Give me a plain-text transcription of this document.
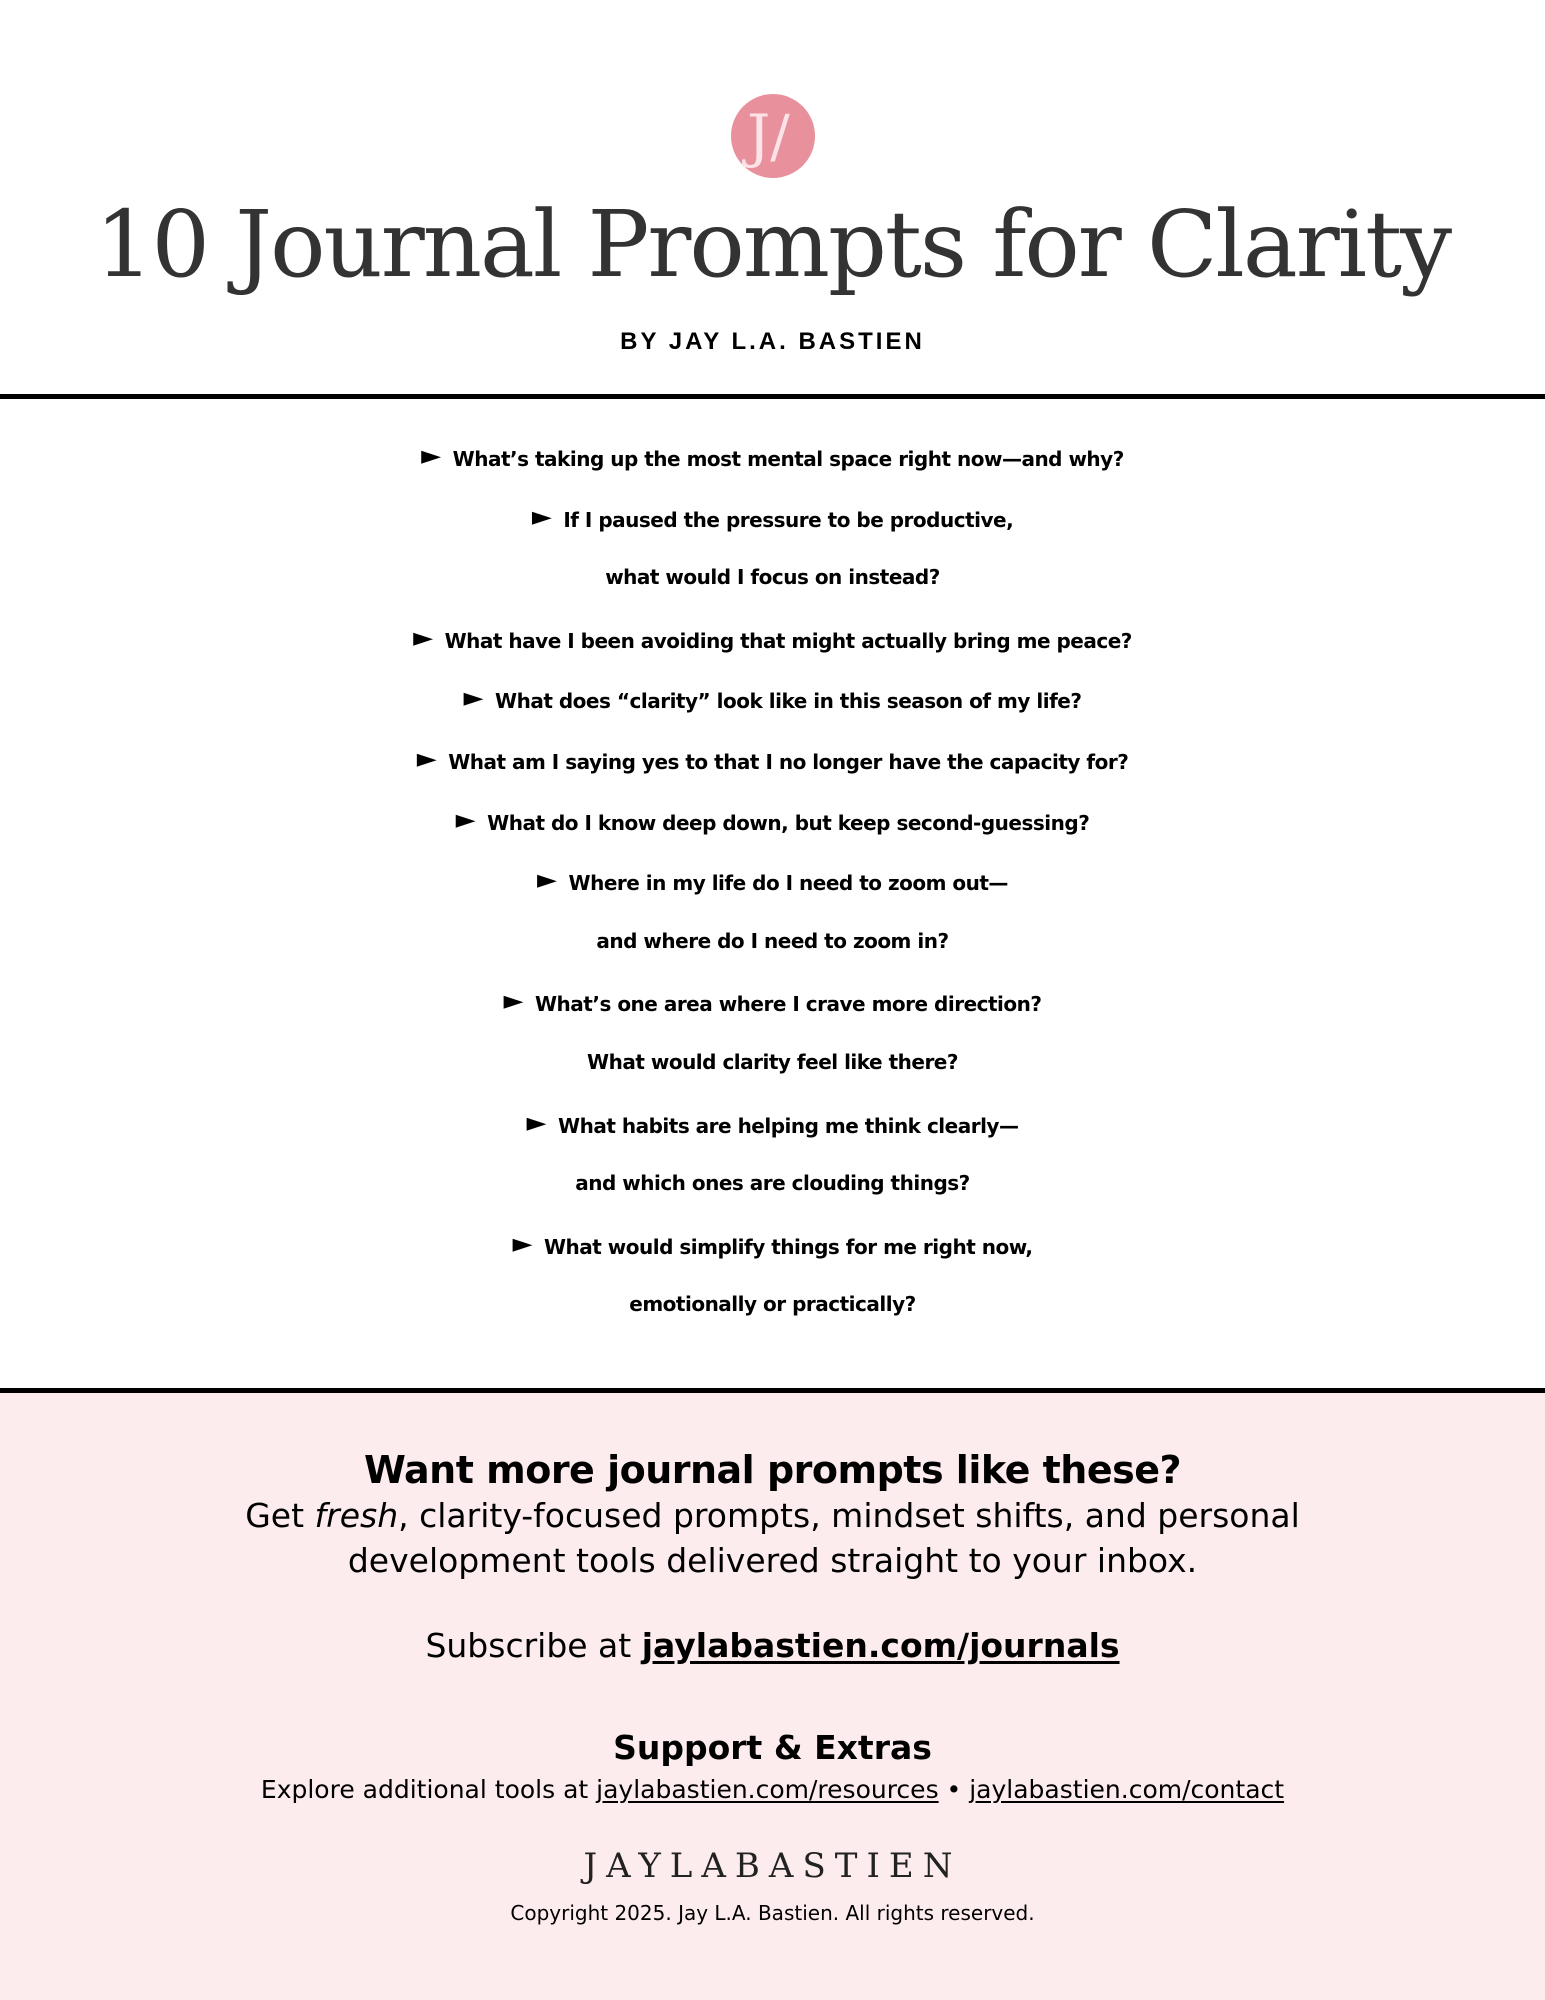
J/
10 Journal Prompts for Clarity
BY JAY L.A. BASTIEN
► What’s taking up the most mental space right now—and why?
► If I paused the pressure to be productive,
what would I focus on instead?
► What have I been avoiding that might actually bring me peace?
► What does “clarity” look like in this season of my life?
► What am I saying yes to that I no longer have the capacity for?
► What do I know deep down, but keep second-guessing?
► Where in my life do I need to zoom out—
and where do I need to zoom in?
► What’s one area where I crave more direction?
What would clarity feel like there?
► What habits are helping me think clearly—
and which ones are clouding things?
► What would simplify things for me right now,
emotionally or practically?
Want more journal prompts like these?
Get fresh, clarity-focused prompts, mindset shifts, and personal
development tools delivered straight to your inbox.
Subscribe at jaylabastien.com/journals
Support & Extras
Explore additional tools at jaylabastien.com/resources • jaylabastien.com/contact
JAYLABASTIEN
Copyright 2025. Jay L.A. Bastien. All rights reserved.
